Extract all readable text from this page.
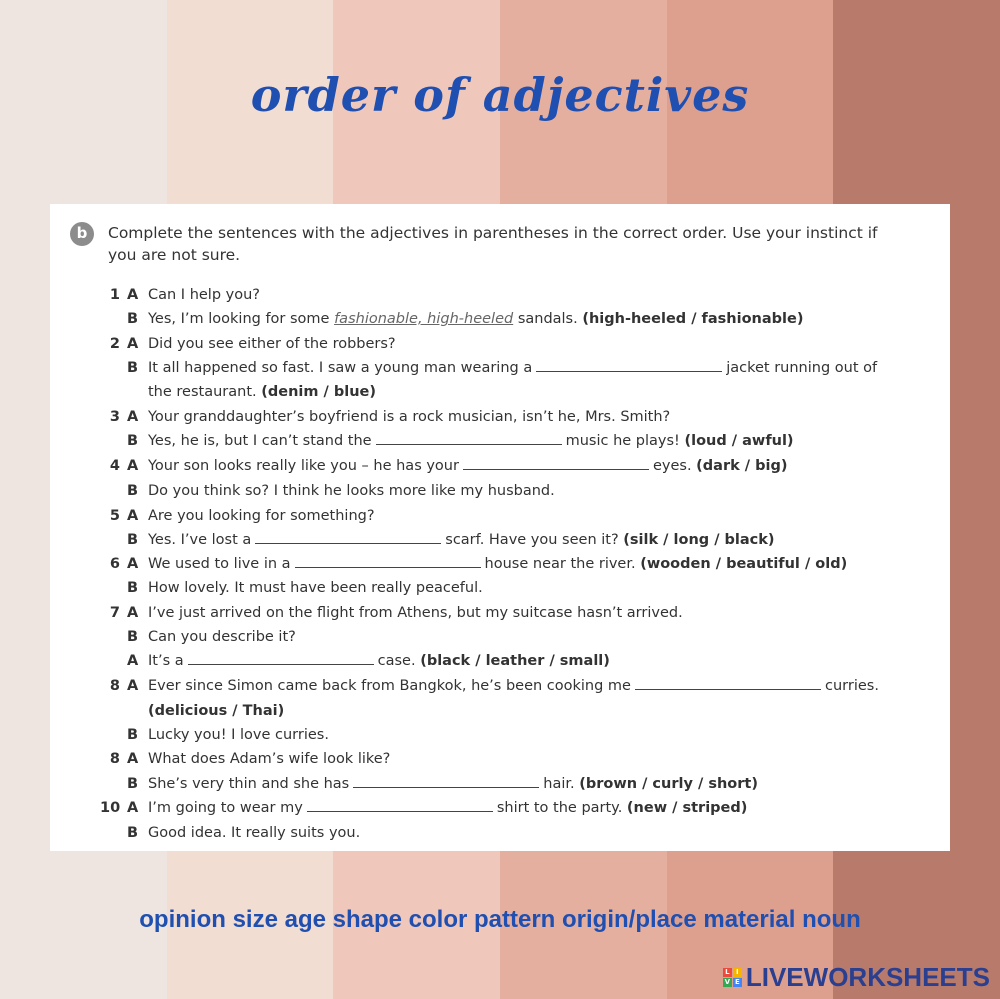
order of adjectives
b	Complete the sentences with the adjectives in parentheses in the correct order. Use your instinct if you are not sure.
1 A Can I help you?
B Yes, I’m looking for some fashionable, high-heeled sandals. (high-heeled / fashionable)
2 A Did you see either of the robbers?
B It all happened so fast. I saw a young man wearing a	jacket running out of
the restaurant. (denim / blue)
3 A Your granddaughter’s boyfriend is a rock musician, isn’t he, Mrs. Smith?
B Yes, he is, but I can’t stand the	music he plays! (loud / awful)
4 A Your son looks really like you – he has your	eyes. (dark / big)
B Do you think so? I think he looks more like my husband.
5 A Are you looking for something?
B Yes. I’ve lost a	scarf. Have you seen it? (silk / long / black)
6 A We used to live in a	house near the river. (wooden / beautiful / old)
B How lovely. It must have been really peaceful.
7 A I’ve just arrived on the flight from Athens, but my suitcase hasn’t arrived.
B Can you describe it?
A It’s a	case. (black / leather / small)
8 A Ever since Simon came back from Bangkok, he’s been cooking me	curries.
(delicious / Thai)
B Lucky you! I love curries.
8 A What does Adam’s wife look like?
B She’s very thin and she has	hair. (brown / curly / short)
10 A I’m going to wear my	shirt to the party. (new / striped)
B Good idea. It really suits you.
opinion size age shape color pattern origin/place material noun
L I
V E LIVEWORKSHEETS
